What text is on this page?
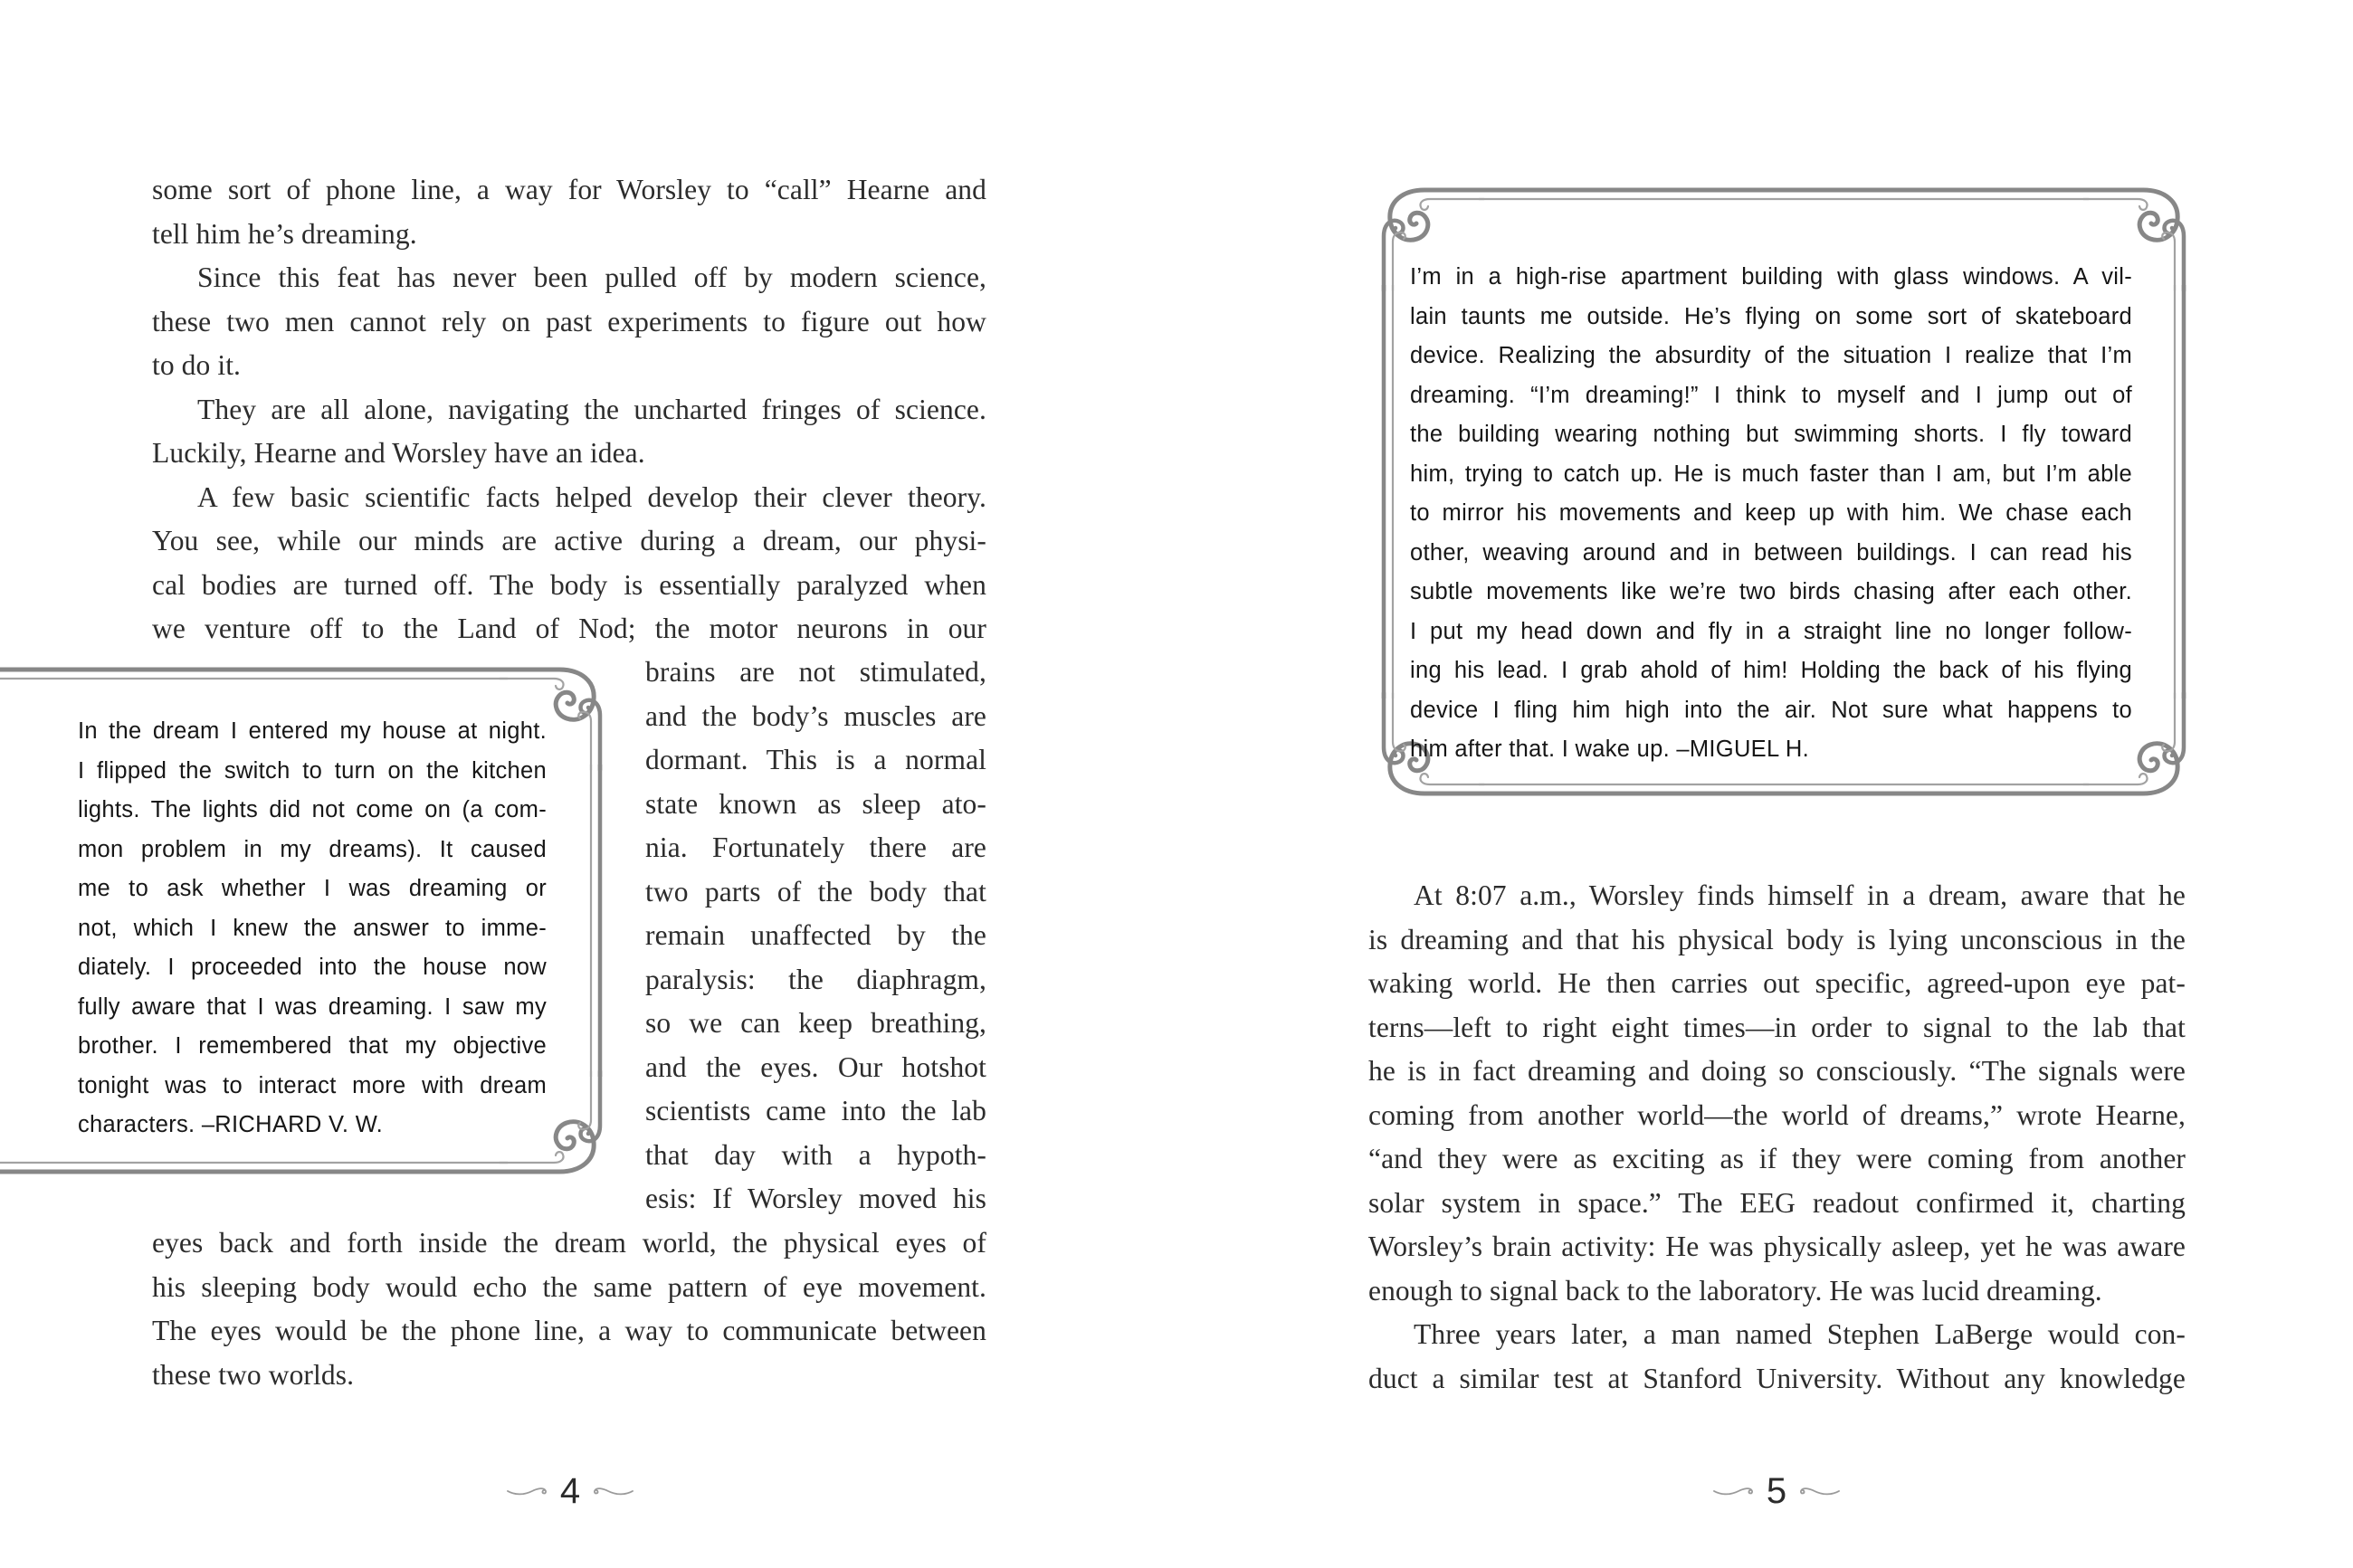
some sort of phone line, a way for Worsley to “call” Hearne and
tell him he’s dreaming.
Since this feat has never been pulled off by modern science,
these two men cannot rely on past experiments to figure out how
to do it.
They are all alone, navigating the uncharted fringes of science.
Luckily, Hearne and Worsley have an idea.
A few basic scientific facts helped develop their clever theory.
You see, while our minds are active during a dream, our physi-
cal bodies are turned off. The body is essentially paralyzed when
we venture off to the Land of Nod; the motor neurons in our
In the dream I entered my house at night.
I flipped the switch to turn on the kitchen
lights. The lights did not come on (a com-
mon problem in my dreams). It caused
me to ask whether I was dreaming or
not, which I knew the answer to imme-
diately. I proceeded into the house now
fully aware that I was dreaming. I saw my
brother. I remembered that my objective
tonight was to interact more with dream
characters. –RICHARD V. W.
brains are not stimulated,
and the body’s muscles are
dormant. This is a normal
state known as sleep ato-
nia. Fortunately there are
two parts of the body that
remain unaffected by the
paralysis: the diaphragm,
so we can keep breathing,
and the eyes. Our hotshot
scientists came into the lab
that day with a hypoth-
esis: If Worsley moved his
eyes back and forth inside the dream world, the physical eyes of
his sleeping body would echo the same pattern of eye movement.
The eyes would be the phone line, a way to communicate between
these two worlds.
4
I’m in a high-rise apartment building with glass windows. A vil-
lain taunts me outside. He’s flying on some sort of skateboard
device. Realizing the absurdity of the situation I realize that I’m
dreaming. “I’m dreaming!” I think to myself and I jump out of
the building wearing nothing but swimming shorts. I fly toward
him, trying to catch up. He is much faster than I am, but I’m able
to mirror his movements and keep up with him. We chase each
other, weaving around and in between buildings. I can read his
subtle movements like we’re two birds chasing after each other.
I put my head down and fly in a straight line no longer follow-
ing his lead. I grab ahold of him! Holding the back of his flying
device I fling him high into the air. Not sure what happens to
him after that. I wake up. –MIGUEL H.
At 8:07 a.m., Worsley finds himself in a dream, aware that he
is dreaming and that his physical body is lying unconscious in the
waking world. He then carries out specific, agreed-upon eye pat-
terns—left to right eight times—in order to signal to the lab that
he is in fact dreaming and doing so consciously. “The signals were
coming from another world—the world of dreams,” wrote Hearne,
“and they were as exciting as if they were coming from another
solar system in space.” The EEG readout confirmed it, charting
Worsley’s brain activity: He was physically asleep, yet he was aware
enough to signal back to the laboratory. He was lucid dreaming.
Three years later, a man named Stephen LaBerge would con-
duct a similar test at Stanford University. Without any knowledge
5
